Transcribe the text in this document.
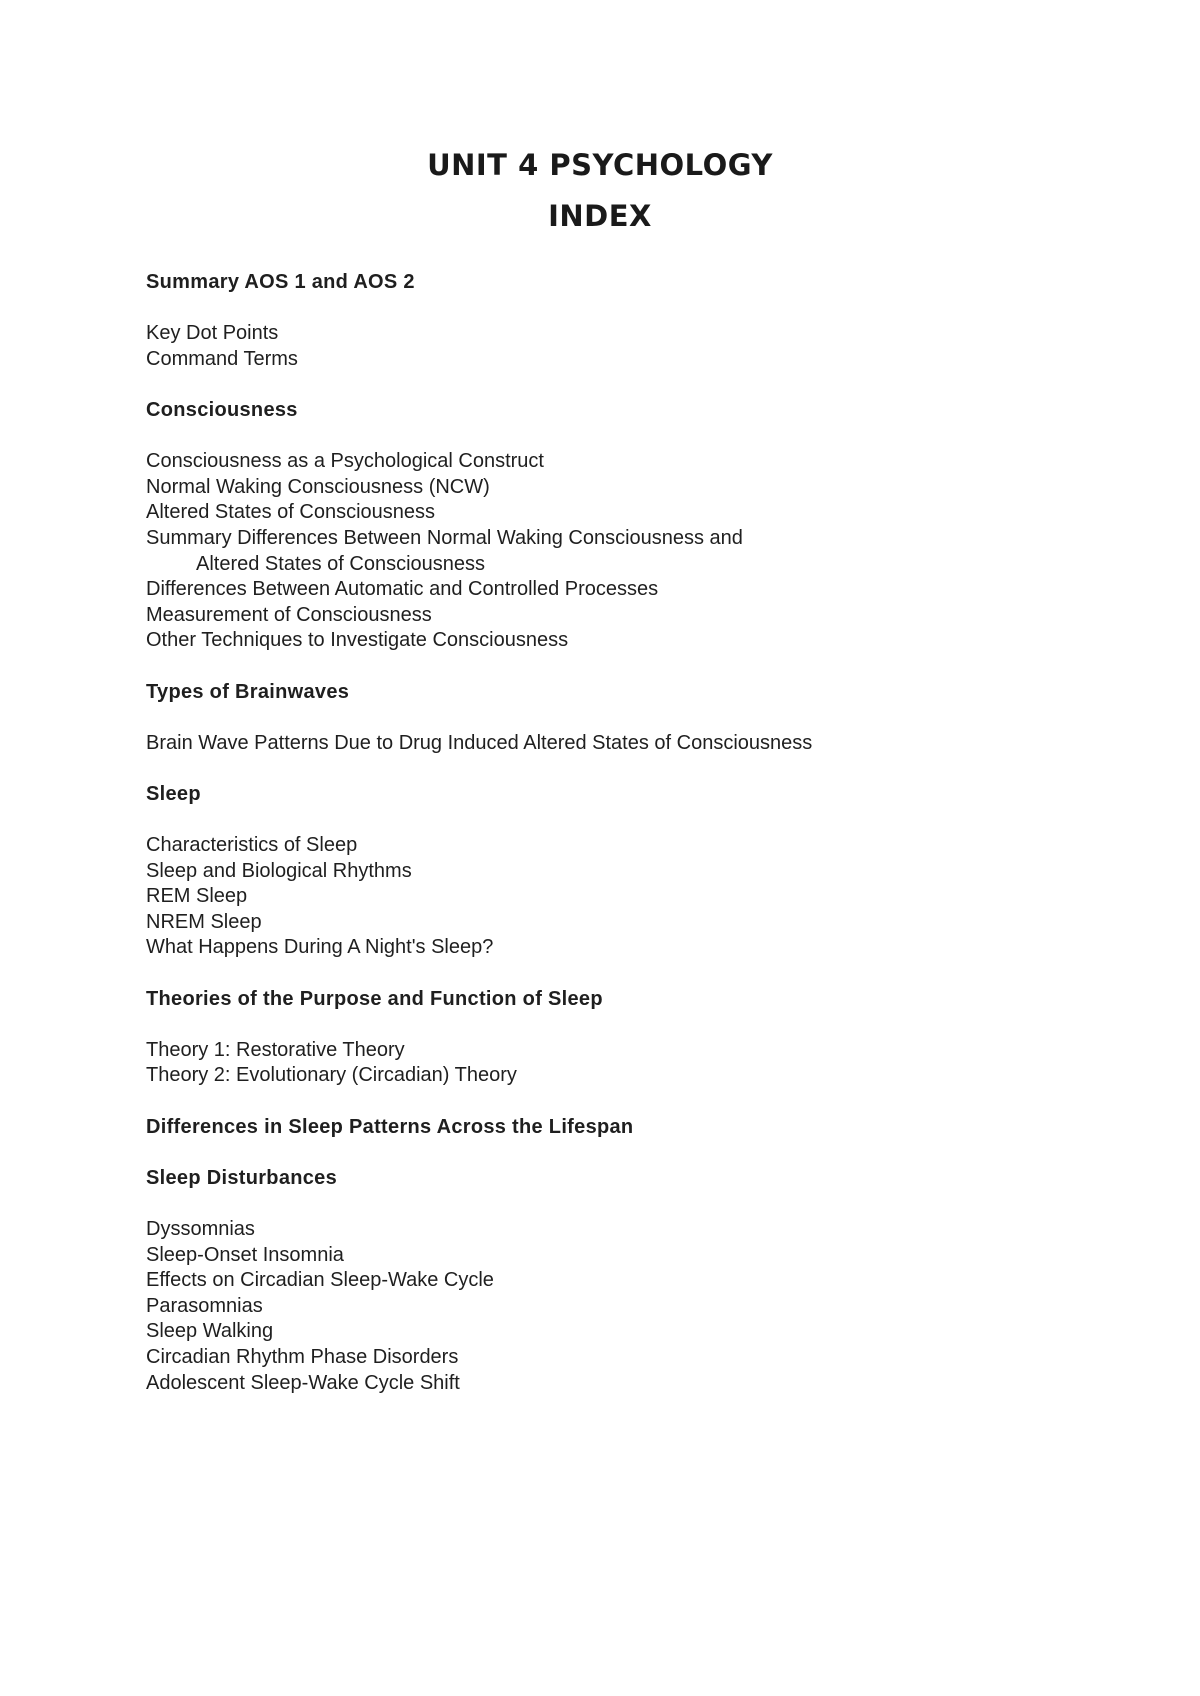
UNIT 4 PSYCHOLOGY
INDEX
Summary AOS 1 and AOS 2
Key Dot Points
Command Terms
Consciousness
Consciousness as a Psychological Construct
Normal Waking Consciousness (NCW)
Altered States of Consciousness
Summary Differences Between Normal Waking Consciousness and
Altered States of Consciousness
Differences Between Automatic and Controlled Processes
Measurement of Consciousness
Other Techniques to Investigate Consciousness
Types of Brainwaves
Brain Wave Patterns Due to Drug Induced Altered States of Consciousness
Sleep
Characteristics of Sleep
Sleep and Biological Rhythms
REM Sleep
NREM Sleep
What Happens During A Night's Sleep?
Theories of the Purpose and Function of Sleep
Theory 1: Restorative Theory
Theory 2: Evolutionary (Circadian) Theory
Differences in Sleep Patterns Across the Lifespan
Sleep Disturbances
Dyssomnias
Sleep-Onset Insomnia
Effects on Circadian Sleep-Wake Cycle
Parasomnias
Sleep Walking
Circadian Rhythm Phase Disorders
Adolescent Sleep-Wake Cycle Shift
